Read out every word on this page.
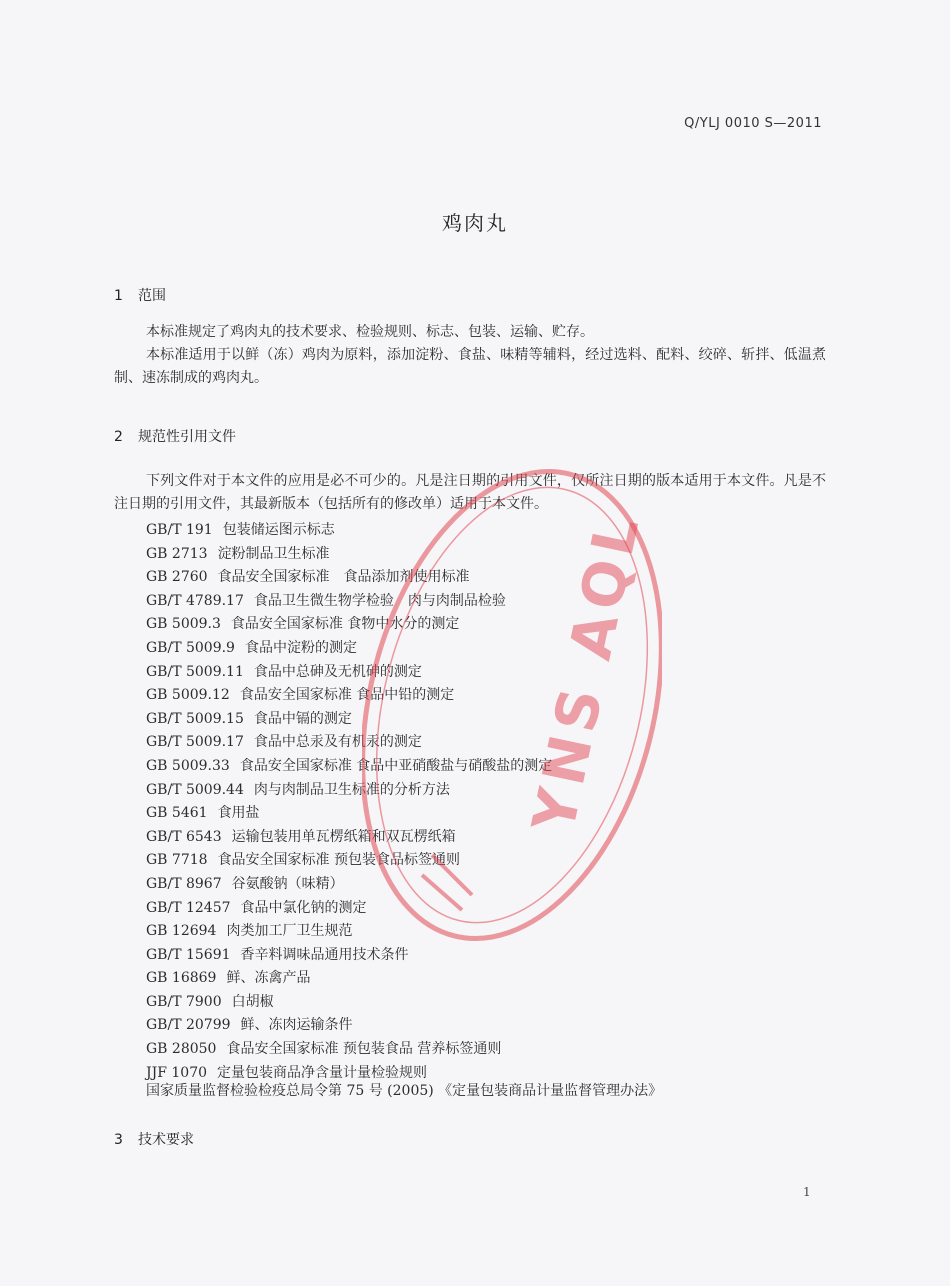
Q/YLJ 0010 S—2011
鸡肉丸
1 范围
本标准规定了鸡肉丸的技术要求、检验规则、标志、包装、运输、贮存。
本标准适用于以鲜（冻）鸡肉为原料，添加淀粉、食盐、味精等辅料，经过选料、配料、绞碎、斩拌、低温煮制、速冻制成的鸡肉丸。
2 规范性引用文件
下列文件对于本文件的应用是必不可少的。凡是注日期的引用文件，仅所注日期的版本适用于本文件。凡是不注日期的引用文件，其最新版本（包括所有的修改单）适用于本文件。
GB/T 191 包装储运图示标志
GB 2713 淀粉制品卫生标准
GB 2760 食品安全国家标准　食品添加剂使用标准
GB/T 4789.17 食品卫生微生物学检验　肉与肉制品检验
GB 5009.3 食品安全国家标准 食物中水分的测定
GB/T 5009.9 食品中淀粉的测定
GB/T 5009.11 食品中总砷及无机砷的测定
GB 5009.12 食品安全国家标准 食品中铅的测定
GB/T 5009.15 食品中镉的测定
GB/T 5009.17 食品中总汞及有机汞的测定
GB 5009.33 食品安全国家标准 食品中亚硝酸盐与硝酸盐的测定
GB/T 5009.44 肉与肉制品卫生标准的分析方法
GB 5461 食用盐
GB/T 6543 运输包装用单瓦楞纸箱和双瓦楞纸箱
GB 7718 食品安全国家标准 预包装食品标签通则
GB/T 8967 谷氨酸钠（味精）
GB/T 12457 食品中氯化钠的测定
GB 12694 肉类加工厂卫生规范
GB/T 15691 香辛料调味品通用技术条件
GB 16869 鲜、冻禽产品
GB/T 7900 白胡椒
GB/T 20799 鲜、冻肉运输条件
GB 28050 食品安全国家标准 预包装食品 营养标签通则
JJF 1070 定量包装商品净含量计量检验规则
国家质量监督检验检疫总局令第 75 号 (2005) 《定量包装商品计量监督管理办法》
3 技术要求
1
YNS AQL
